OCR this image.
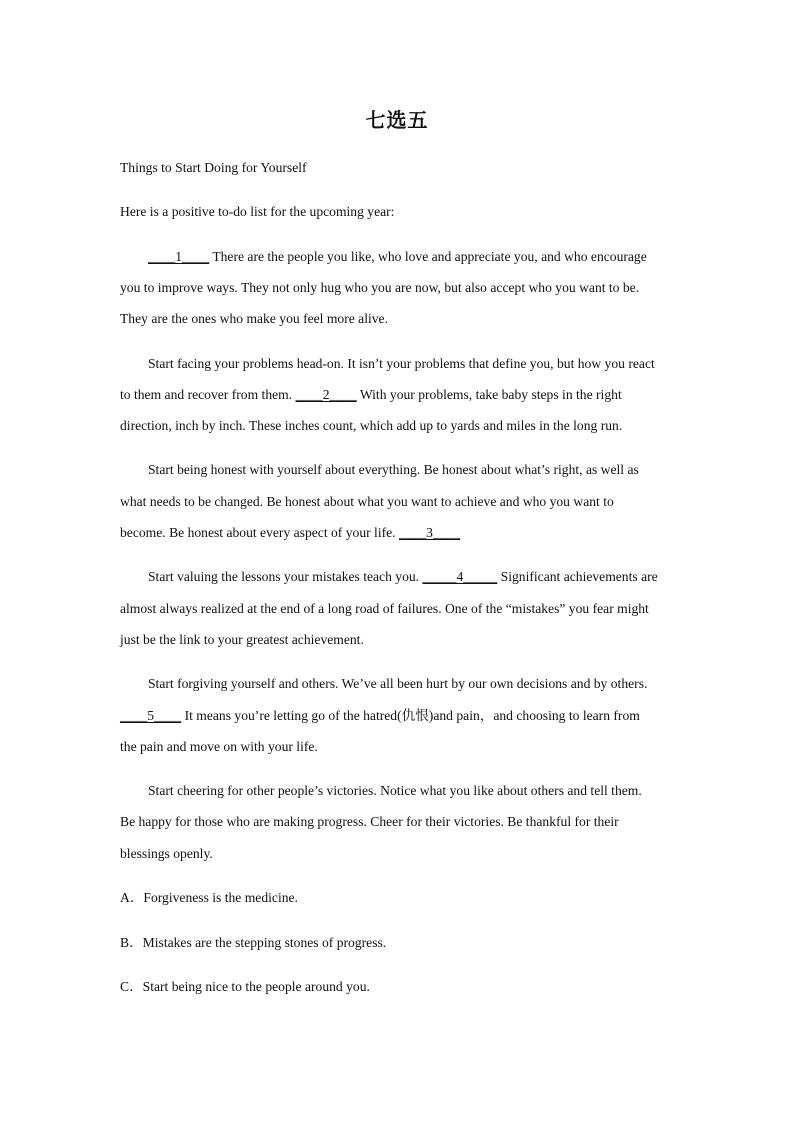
七选五
Things to Start Doing for Yourself
Here is a positive to-do list for the upcoming year:
____1____ There are the people you like, who love and appreciate you, and who encourage
you to improve ways. They not only hug who you are now, but also accept who you want to be.
They are the ones who make you feel more alive.
Start facing your problems head-on. It isn’t your problems that define you, but how you react
to them and recover from them. ____2____ With your problems, take baby steps in the right
direction, inch by inch. These inches count, which add up to yards and miles in the long run.
Start being honest with yourself about everything. Be honest about what’s right, as well as
what needs to be changed. Be honest about what you want to achieve and who you want to
become. Be honest about every aspect of your life. ____3____
Start valuing the lessons your mistakes teach you. _____4_____ Significant achievements are
almost always realized at the end of a long road of failures. One of the “mistakes” you fear might
just be the link to your greatest achievement.
Start forgiving yourself and others. We’ve all been hurt by our own decisions and by others.
____5____ It means you’re letting go of the hatred(仇恨)and pain，and choosing to learn from
the pain and move on with your life.
Start cheering for other people’s victories. Notice what you like about others and tell them.
Be happy for those who are making progress. Cheer for their victories. Be thankful for their
blessings openly.
A．Forgiveness is the medicine.
B．Mistakes are the stepping stones of progress.
C．Start being nice to the people around you.
